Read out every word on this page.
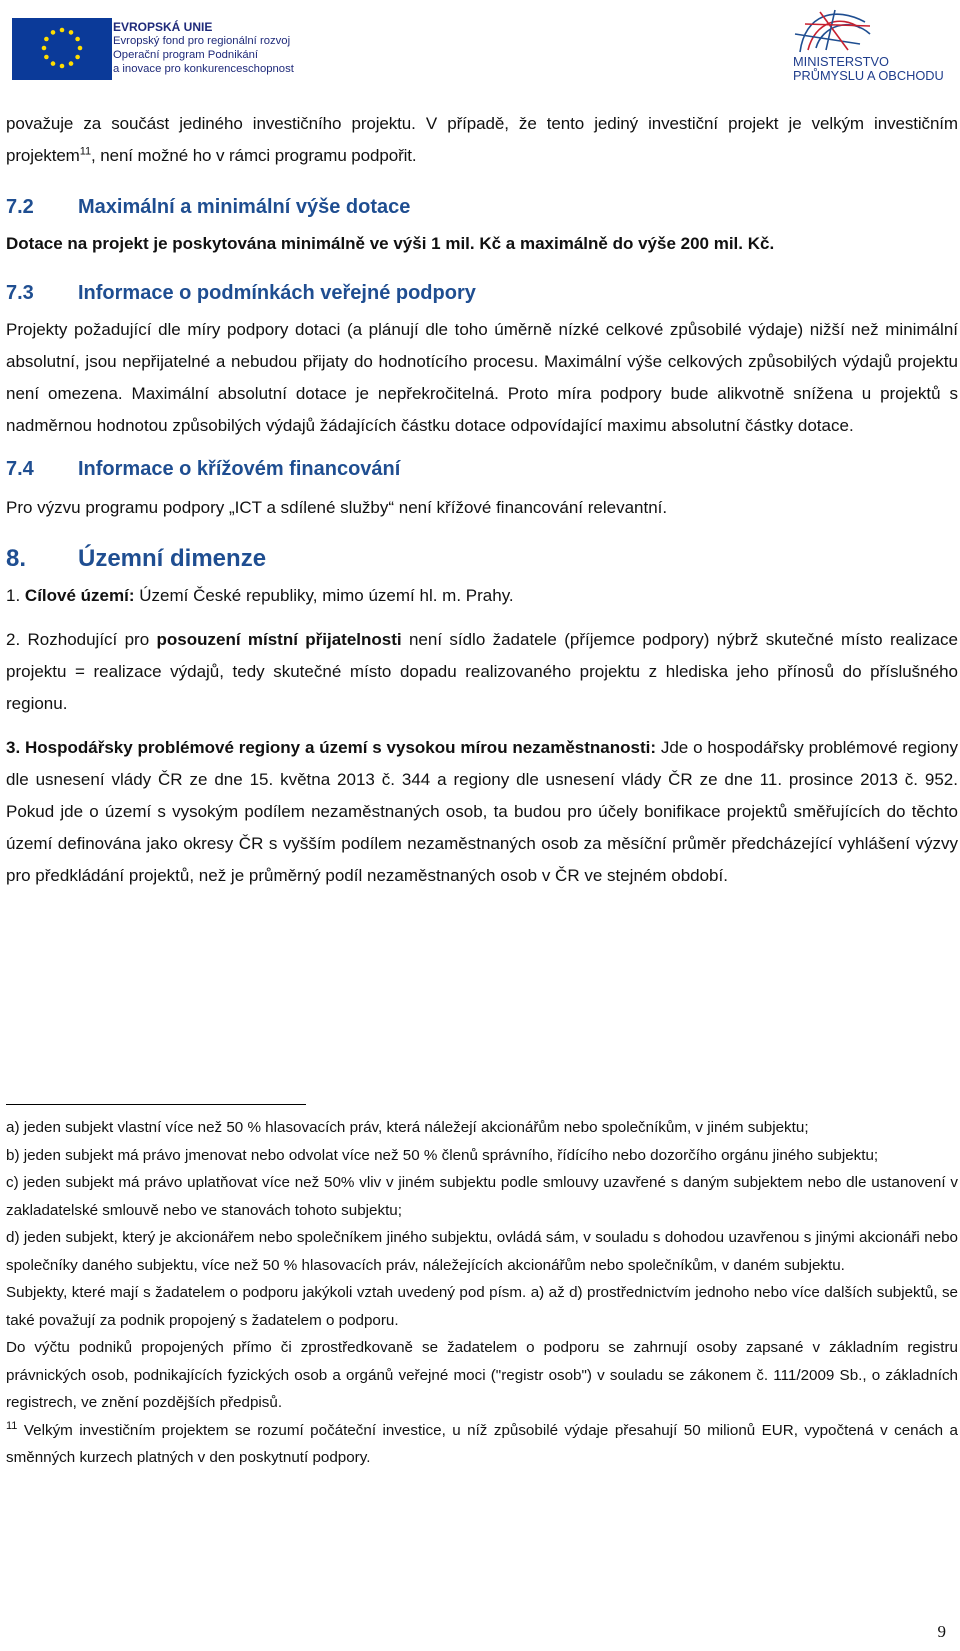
EVROPSKÁ UNIE
Evropský fond pro regionální rozvoj
Operační program Podnikání
a inovace pro konkurenceschopnost	MINISTERSTVO
PRŮMYSLU A OBCHODU

považuje za součást jediného investičního projektu. V případě, že tento jediný investiční projekt je velkým investičním projektem$^{11}$, není možné ho v rámci programu podpořit.

7.2 Maximální a minimální výše dotace

Dotace na projekt je poskytována minimálně ve výši 1 mil. Kč a maximálně do výše 200 mil. Kč.

7.3 Informace o podmínkách veřejné podpory

Projekty požadující dle míry podpory dotaci (a plánují dle toho úměrně nízké celkové způsobilé výdaje) nižší než minimální absolutní, jsou nepřijatelné a nebudou přijaty do hodnotícího procesu. Maximální výše celkových způsobilých výdajů projektu není omezena. Maximální absolutní dotace je nepřekročitelná. Proto míra podpory bude alikvotně snížena u projektů s nadměrnou hodnotou způsobilých výdajů žádajících částku dotace odpovídající maximu absolutní částky dotace.

7.4 Informace o křížovém financování

Pro výzvu programu podpory „ICT a sdílené služby“ není křížové financování relevantní.

8. Územní dimenze

1. Cílové území: Území České republiky, mimo území hl. m. Prahy.

2. Rozhodující pro posouzení místní přijatelnosti není sídlo žadatele (příjemce podpory) nýbrž skutečné místo realizace projektu = realizace výdajů, tedy skutečné místo dopadu realizovaného projektu z hlediska jeho přínosů do příslušného regionu.

3. Hospodářsky problémové regiony a území s vysokou mírou nezaměstnanosti: Jde o hospodářsky problémové regiony dle usnesení vlády ČR ze dne 15. května 2013 č. 344 a regiony dle usnesení vlády ČR ze dne 11. prosince 2013 č. 952. Pokud jde o území s vysokým podílem nezaměstnaných osob, ta budou pro účely bonifikace projektů směřujících do těchto území definována jako okresy ČR s vyšším podílem nezaměstnaných osob za měsíční průměr předcházející vyhlášení výzvy pro předkládání projektů, než je průměrný podíl nezaměstnaných osob v ČR ve stejném období.

a) jeden subjekt vlastní více než 50 % hlasovacích práv, která náležejí akcionářům nebo společníkům, v jiném subjektu;

b) jeden subjekt má právo jmenovat nebo odvolat více než 50 % členů správního, řídícího nebo dozorčího orgánu jiného subjektu;

c) jeden subjekt má právo uplatňovat více než 50% vliv v jiném subjektu podle smlouvy uzavřené s daným subjektem nebo dle ustanovení v zakladatelské smlouvě nebo ve stanovách tohoto subjektu;

d) jeden subjekt, který je akcionářem nebo společníkem jiného subjektu, ovládá sám, v souladu s dohodou uzavřenou s jinými akcionáři nebo společníky daného subjektu, více než 50 % hlasovacích práv, náležejících akcionářům nebo společníkům, v daném subjektu.

Subjekty, které mají s žadatelem o podporu jakýkoli vztah uvedený pod písm. a) až d) prostřednictvím jednoho nebo více dalších subjektů, se také považují za podnik propojený s žadatelem o podporu.

Do výčtu podniků propojených přímo či zprostředkovaně se žadatelem o podporu se zahrnují osoby zapsané v základním registru právnických osob, podnikajících fyzických osob a orgánů veřejné moci ("registr osob") v souladu se zákonem č. 111/2009 Sb., o základních registrech, ve znění pozdějších předpisů.

$^{11}$ Velkým investičním projektem se rozumí počáteční investice, u níž způsobilé výdaje přesahují 50 milionů EUR, vypočtená v cenách a směnných kurzech platných v den poskytnutí podpory.

9
